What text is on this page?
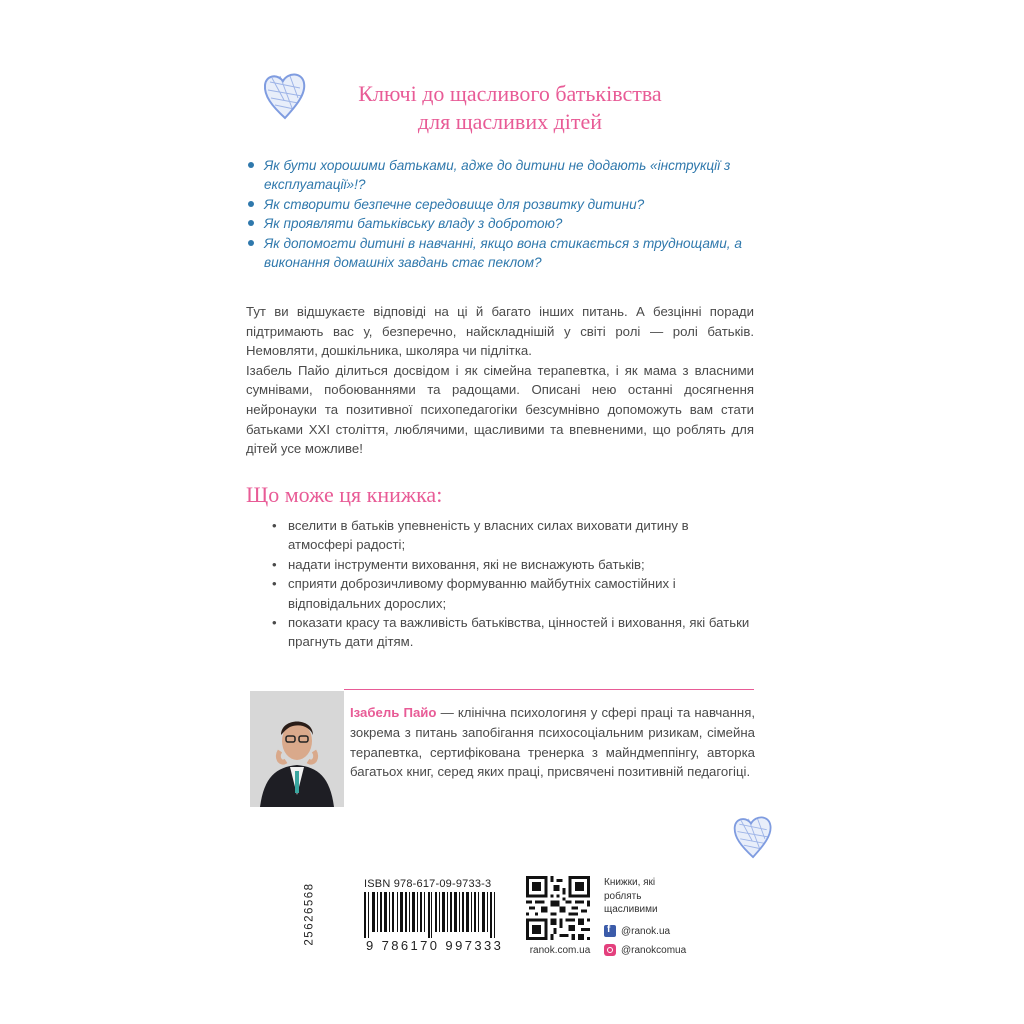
Ключі до щасливого батьківства
для щасливих дітей
Як бути хорошими батьками, адже до дитини не додають «інструкції з експлуатації»!?
Як створити безпечне середовище для розвитку дитини?
Як проявляти батьківську владу з добротою?
Як допомогти дитині в навчанні, якщо вона стикається з труднощами, а виконання домашніх завдань стає пеклом?

Тут ви відшукаєте відповіді на ці й багато інших питань. А безцінні поради підтримають вас у, безперечно, найскладнішій у світі ролі — ролі батьків. Немовляти, дошкільника, школяра чи підлітка.

Ізабель Пайо ділиться досвідом і як сімейна терапевтка, і як мама з власними сумнівами, побоюваннями та радощами. Описані нею останні досягнення нейронауки та позитивної психопедагогіки безсумнівно допоможуть вам стати батьками XXI століття, люблячими, щасливими та впевненими, що роблять для дітей усе можливе!

Що може ця книжка:
• вселити в батьків упевненість у власних силах виховати дитину в атмосфері радості;
• надати інструменти виховання, які не виснажують батьків;
• сприяти доброзичливому формуванню майбутніх самостійних і відповідальних дорослих;
• показати красу та важливість батьківства, цінностей і виховання, які батьки прагнуть дати дітям.
Ізабель Пайо — клінічна психологиня у сфері праці та навчання, зокрема з питань запобігання психосоціальним ризикам, сімейна терапевтка, сертифікована тренерка з майндмеппінгу, авторка багатьох книг, серед яких праці, присвячені позитивній педагогіці.
25626568	ISBN 978-617-09-9733-3
9 786170 997333	ranok.com.ua
Книжки, які роблять щасливими
f
@ranok.ua
@ranokcomua
